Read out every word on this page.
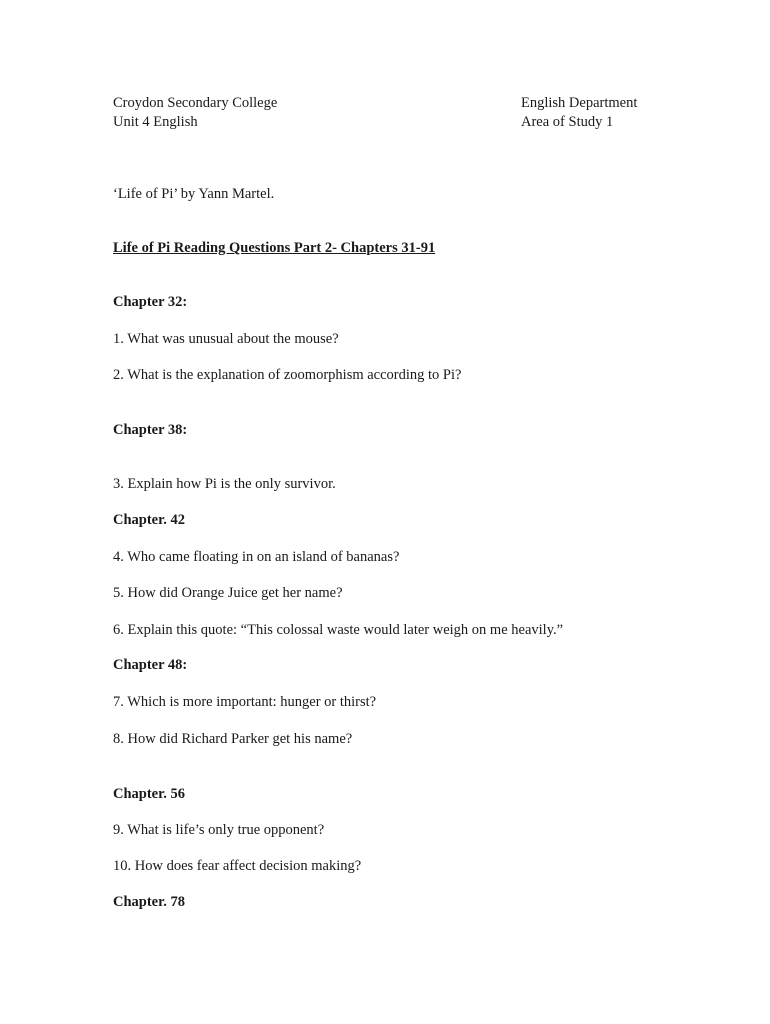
Croydon Secondary College
Unit 4 English
English Department
Area of Study 1
‘Life of Pi’ by Yann Martel.
Life of Pi Reading Questions Part 2- Chapters 31-91
Chapter 32:
1. What was unusual about the mouse?
2. What is the explanation of zoomorphism according to Pi?
Chapter 38:
3. Explain how Pi is the only survivor.
Chapter. 42
4. Who came floating in on an island of bananas?
5. How did Orange Juice get her name?
6. Explain this quote: “This colossal waste would later weigh on me heavily.”
Chapter 48:
7. Which is more important: hunger or thirst?
8. How did Richard Parker get his name?
Chapter. 56
9. What is life’s only true opponent?
10. How does fear affect decision making?
Chapter. 78
